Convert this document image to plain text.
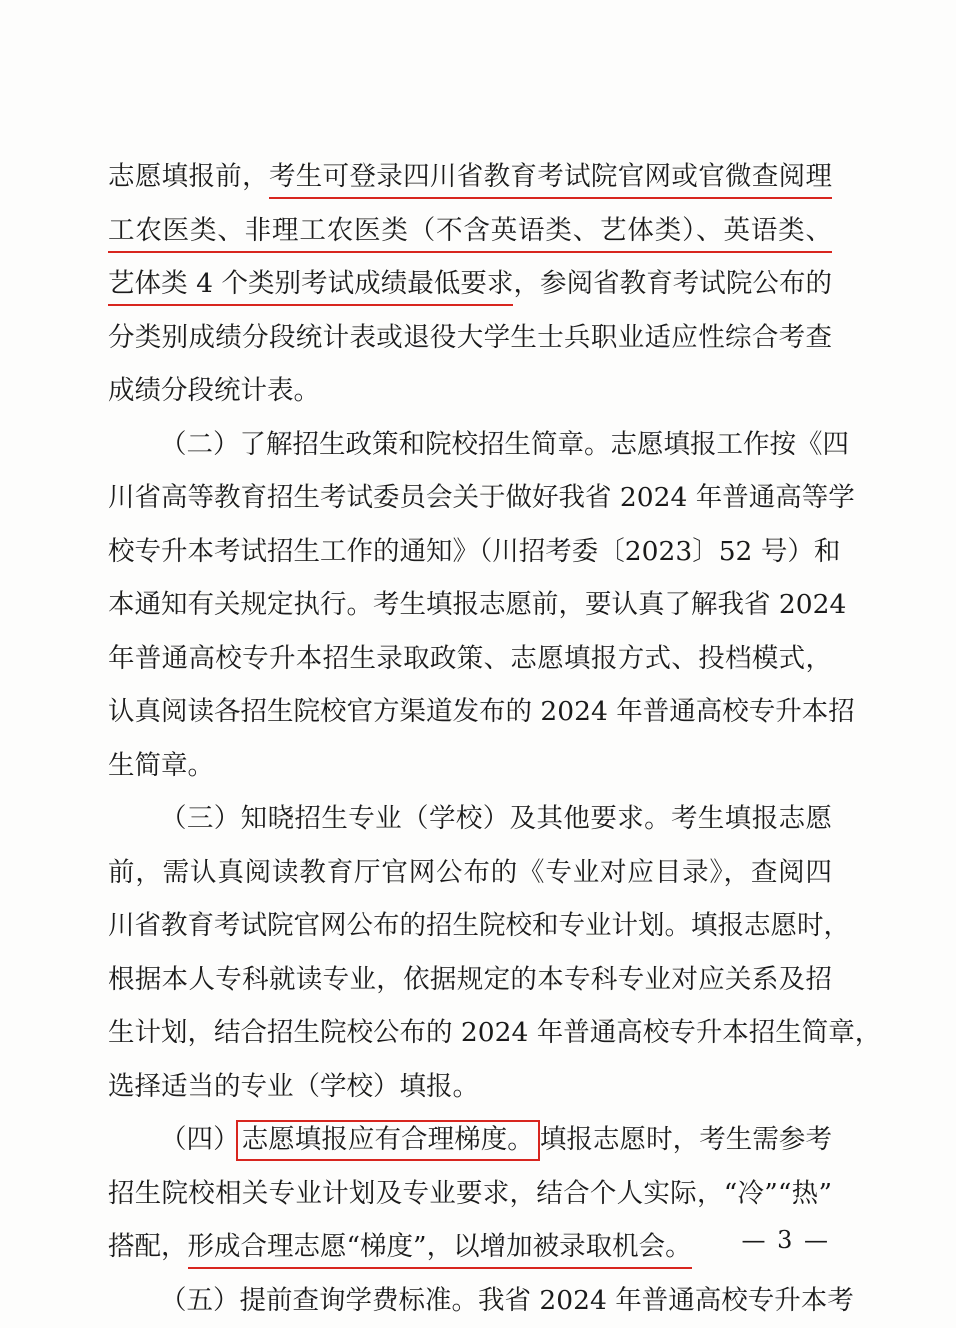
志愿填报前，考生可登录四川省教育考试院官网或官微查阅理
工农医类、非理工农医类（不含英语类、艺体类）、英语类、
艺体类 4 个类别考试成绩最低要求，参阅省教育考试院公布的
分类别成绩分段统计表或退役大学生士兵职业适应性综合考查
成绩分段统计表。
（二）了解招生政策和院校招生简章。志愿填报工作按《四
川省高等教育招生考试委员会关于做好我省 2024 年普通高等学
校专升本考试招生工作的通知》（川招考委〔2023〕52 号）和
本通知有关规定执行。考生填报志愿前，要认真了解我省 2024
年普通高校专升本招生录取政策、志愿填报方式、投档模式，
认真阅读各招生院校官方渠道发布的 2024 年普通高校专升本招
生简章。
（三）知晓招生专业（学校）及其他要求。考生填报志愿
前，需认真阅读教育厅官网公布的《专业对应目录》，查阅四
川省教育考试院官网公布的招生院校和专业计划。填报志愿时，
根据本人专科就读专业，依据规定的本专科专业对应关系及招
生计划，结合招生院校公布的 2024 年普通高校专升本招生简章，
选择适当的专业（学校）填报。
（四）志愿填报应有合理梯度。 填报志愿时，考生需参考
招生院校相关专业计划及专业要求，结合个人实际，“冷”“热”
搭配，形成合理志愿“梯度”，以增加被录取机会。
（五）提前查询学费标准。我省 2024 年普通高校专升本考
— 3 —
